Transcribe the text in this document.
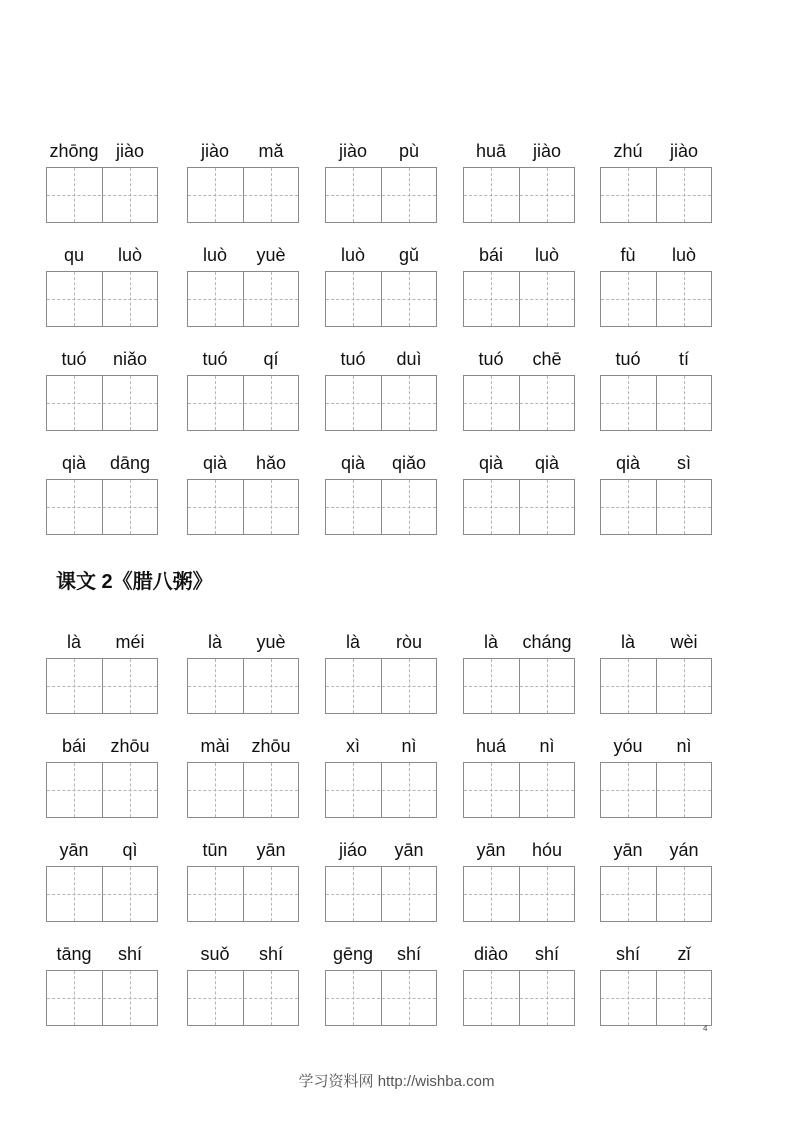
zhōng jiào	jiào	mǎ	jiào	pù	huā	jiào	zhú	jiào
qu	luò	luò	yuè	luò	gǔ	bái	luò	fù	luò
tuó	niǎo	tuó	qí	tuó	duì	tuó	chē	tuó	tí
qià	dāng	qià	hǎo	qià	qiǎo	qià	qià	qià	sì
课文 2《腊八粥》
là	méi	là	yuè	là	ròu	là	cháng	là	wèi
bái	zhōu	mài	zhōu	xì	nì	huá	nì	yóu	nì
yān	qì	tūn	yān	jiáo	yān	yān	hóu	yān	yán
tāng	shí	suǒ	shí	gēng	shí	diào	shí	shí	zǐ
4
学习资料网 http://wishba.com
